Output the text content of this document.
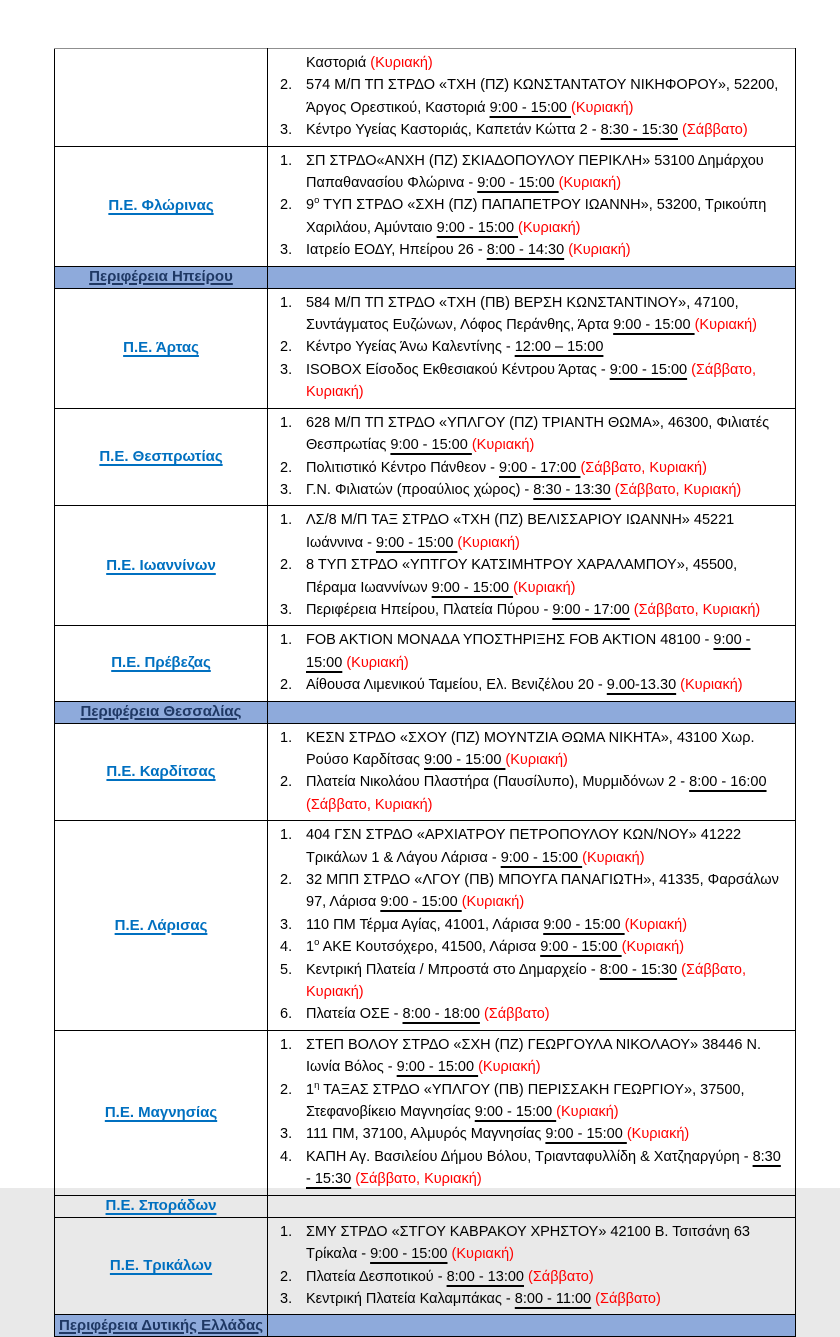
	Καστοριά (Κυριακή)
2. 574 Μ/Π ΤΠ ΣΤΡΔΟ «ΤΧΗ (ΠΖ) ΚΩΝΣΤΑΝΤΑΤΟΥ ΝΙΚΗΦΟΡΟΥ», 52200, Άργος Ορεστικού, Καστοριά 9:00 - 15:00 (Κυριακή)
3. Κέντρο Υγείας Καστοριάς, Καπετάν Κώττα 2 - 8:30 - 15:30 (Σάββατο)

Π.Ε. Φλώρινας	
1. ΣΠ ΣΤΡΔΟ«ΑΝΧΗ (ΠΖ) ΣΚΙΑΔΟΠΟΥΛΟΥ ΠΕΡΙΚΛΗ» 53100 Δημάρχου Παπαθανασίου Φλώρινα - 9:00 - 15:00 (Κυριακή)
2. $9^o$ ΤΥΠ ΣΤΡΔΟ «ΣΧΗ (ΠΖ) ΠΑΠΑΠΕΤΡΟΥ ΙΩΑΝΝΗ», 53200, Τρικούπη Χαριλάου, Αμύνταιο 9:00 - 15:00 (Κυριακή)
3. Ιατρείο ΕΟΔΥ, Ηπείρου 26 - 8:00 - 14:30 (Κυριακή)

Περιφέρεια Ηπείρου	
Π.Ε. Άρτας	
1. 584 Μ/Π ΤΠ ΣΤΡΔΟ «ΤΧΗ (ΠΒ) ΒΕΡΣΗ ΚΩΝΣΤΑΝΤΙΝΟΥ», 47100, Συντάγματος Ευζώνων, Λόφος Περάνθης, Άρτα 9:00 - 15:00 (Κυριακή)
2. Κέντρο Υγείας Άνω Καλεντίνης - 12:00 – 15:00
3. ISOBOX Είσοδος Εκθεσιακού Κέντρου Άρτας - 9:00 - 15:00 (Σάββατο, Κυριακή)

Π.Ε. Θεσπρωτίας	
1. 628 Μ/Π ΤΠ ΣΤΡΔΟ «ΥΠΛΓΟΥ (ΠΖ) ΤΡΙΑΝΤΗ ΘΩΜΑ», 46300, Φιλιατές Θεσπρωτίας 9:00 - 15:00 (Κυριακή)
2. Πολιτιστικό Κέντρο Πάνθεον - 9:00 - 17:00 (Σάββατο, Κυριακή)
3. Γ.Ν. Φιλιατών (προαύλιος χώρος) - 8:30 - 13:30 (Σάββατο, Κυριακή)

Π.Ε. Ιωαννίνων	
1. ΛΣ/8 Μ/Π ΤΑΞ ΣΤΡΔΟ «ΤΧΗ (ΠΖ) ΒΕΛΙΣΣΑΡΙΟΥ ΙΩΑΝΝΗ» 45221 Ιωάννινα - 9:00 - 15:00 (Κυριακή)
2. 8 ΤΥΠ ΣΤΡΔΟ «ΥΠΤΓΟΥ ΚΑΤΣΙΜΗΤΡΟΥ ΧΑΡΑΛΑΜΠΟΥ», 45500, Πέραμα Ιωαννίνων 9:00 - 15:00 (Κυριακή)
3. Περιφέρεια Ηπείρου, Πλατεία Πύρου - 9:00 - 17:00 (Σάββατο, Κυριακή)

Π.Ε. Πρέβεζας	1. FOB AKTION ΜΟΝΑΔΑ ΥΠΟΣΤΗΡΙΞΗΣ FOB AKTION 48100 - 9:00 - 15:00 (Κυριακή)
2. Αίθουσα Λιμενικού Ταμείου, Ελ. Βενιζέλου 20 - 9.00-13.30 (Κυριακή)

Περιφέρεια Θεσσαλίας	
Π.Ε. Καρδίτσας	1. ΚΕΣΝ ΣΤΡΔΟ «ΣΧΟΥ (ΠΖ) ΜΟΥΝΤΖΙΑ ΘΩΜΑ ΝΙΚΗΤΑ», 43100 Χωρ. Ρούσο Καρδίτσας 9:00 - 15:00 (Κυριακή)
2. Πλατεία Νικολάου Πλαστήρα (Παυσίλυπο), Μυρμιδόνων 2 - 8:00 - 16:00 (Σάββατο, Κυριακή)

Π.Ε. Λάρισας	
1. 404 ΓΣΝ ΣΤΡΔΟ «ΑΡΧΙΑΤΡΟΥ ΠΕΤΡΟΠΟΥΛΟΥ ΚΩΝ/ΝΟΥ» 41222 Τρικάλων 1 & Λάγου Λάρισα - 9:00 - 15:00 (Κυριακή)
2. 32 ΜΠΠ ΣΤΡΔΟ «ΛΓΟΥ (ΠΒ) ΜΠΟΥΓΑ ΠΑΝΑΓΙΩΤΗ», 41335, Φαρσάλων 97, Λάρισα 9:00 - 15:00 (Κυριακή)
3. 110 ΠΜ Τέρμα Αγίας, 41001, Λάρισα 9:00 - 15:00 (Κυριακή)
4. $1^o$ ΑΚΕ Κουτσόχερο, 41500, Λάρισα 9:00 - 15:00 (Κυριακή)
5. Κεντρική Πλατεία / Μπροστά στο Δημαρχείο - 8:00 - 15:30 (Σάββατο, Κυριακή)
6. Πλατεία ΟΣΕ - 8:00 - 18:00 (Σάββατο)

Π.Ε. Μαγνησίας	
1. ΣΤΕΠ ΒΟΛΟΥ ΣΤΡΔΟ «ΣΧΗ (ΠΖ) ΓΕΩΡΓΟΥΛΑ ΝΙΚΟΛΑΟΥ» 38446 Ν. Ιωνία Βόλος - 9:00 - 15:00 (Κυριακή)
2. $1^\eta$ ΤΑΞΑΣ ΣΤΡΔΟ «ΥΠΛΓΟΥ (ΠΒ) ΠΕΡΙΣΣΑΚΗ ΓΕΩΡΓΙΟΥ», 37500, Στεφανοβίκειο Μαγνησίας 9:00 - 15:00 (Κυριακή)
3. 111 ΠΜ, 37100, Αλμυρός Μαγνησίας 9:00 - 15:00 (Κυριακή)
4. ΚΑΠΗ Αγ. Βασιλείου Δήμου Βόλου, Τριανταφυλλίδη & Χατζηαργύρη - 8:30 - 15:30 (Σάββατο, Κυριακή)

Π.Ε. Σποράδων	

Π.Ε. Τρικάλων	
1. ΣΜΥ ΣΤΡΔΟ «ΣΤΓΟΥ ΚΑΒΡΑΚΟΥ ΧΡΗΣΤΟΥ» 42100 Β. Τσιτσάνη 63 Τρίκαλα - 9:00 - 15:00 (Κυριακή)
2. Πλατεία Δεσποτικού - 8:00 - 13:00 (Σάββατο)
3. Κεντρική Πλατεία Καλαμπάκας - 8:00 - 11:00 (Σάββατο)

Περιφέρεια Δυτικής Ελλάδας	
